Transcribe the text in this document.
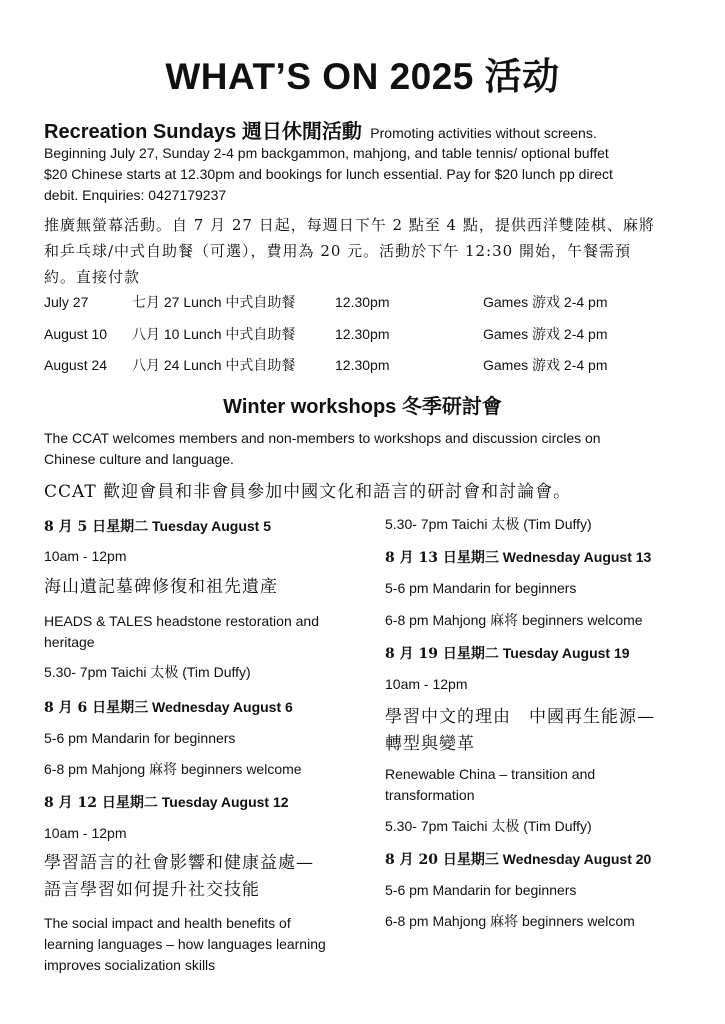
WHAT’S ON 2025 活动
Recreation Sundays 週日休閒活動 Promoting activities without screens.
Beginning July 27, Sunday 2-4 pm backgammon, mahjong, and table tennis/ optional buffet
$20 Chinese starts at 12.30pm and bookings for lunch essential. Pay for $20 lunch pp direct
debit. Enquiries: 0427179237
推廣無螢幕活動。自 7 月 27 日起，每週日下午 2 點至 4 點，提供西洋雙陸棋、麻將
和乒乓球/中式自助餐（可選），費用為 20 元。活動於下午 12:30 開始，午餐需預
約。直接付款
July 27	七月 27 Lunch 中式自助餐	12.30pm	Games 游戏 2-4 pm
August 10 八月 10 Lunch 中式自助餐	12.30pm	Games 游戏 2-4 pm
August 24 八月 24 Lunch 中式自助餐	12.30pm	Games 游戏 2-4 pm
Winter workshops 冬季研討會
The CCAT welcomes members and non-members to workshops and discussion circles on
Chinese culture and language.
CCAT 歡迎會員和非會員參加中國文化和語言的研討會和討論會。
8 月 5 日星期二 Tuesday August 5
10am - 12pm
海山遺記墓碑修復和祖先遺產
HEADS & TALES headstone restoration and heritage
5.30- 7pm Taichi 太极 (Tim Duffy)
8 月 6 日星期三 Wednesday August 6
5-6 pm Mandarin for beginners
6-8 pm Mahjong 麻将 beginners welcome
8 月 12 日星期二 Tuesday August 12
10am - 12pm
學習語言的社會影響和健康益處—
語言學習如何提升社交技能
The social impact and health benefits of learning languages – how languages learning improves socialization skills
5.30- 7pm Taichi 太极 (Tim Duffy)
8 月 13 日星期三 Wednesday August 13
5-6 pm Mandarin for beginners
6-8 pm Mahjong 麻将 beginners welcome
8 月 19 日星期二 Tuesday August 19
10am - 12pm
學習中文的理由　中國再生能源—
轉型與變革
Renewable China – transition and transformation
5.30- 7pm Taichi 太极 (Tim Duffy)
8 月 20 日星期三 Wednesday August 20
5-6 pm Mandarin for beginners
6-8 pm Mahjong 麻将 beginners welcom
